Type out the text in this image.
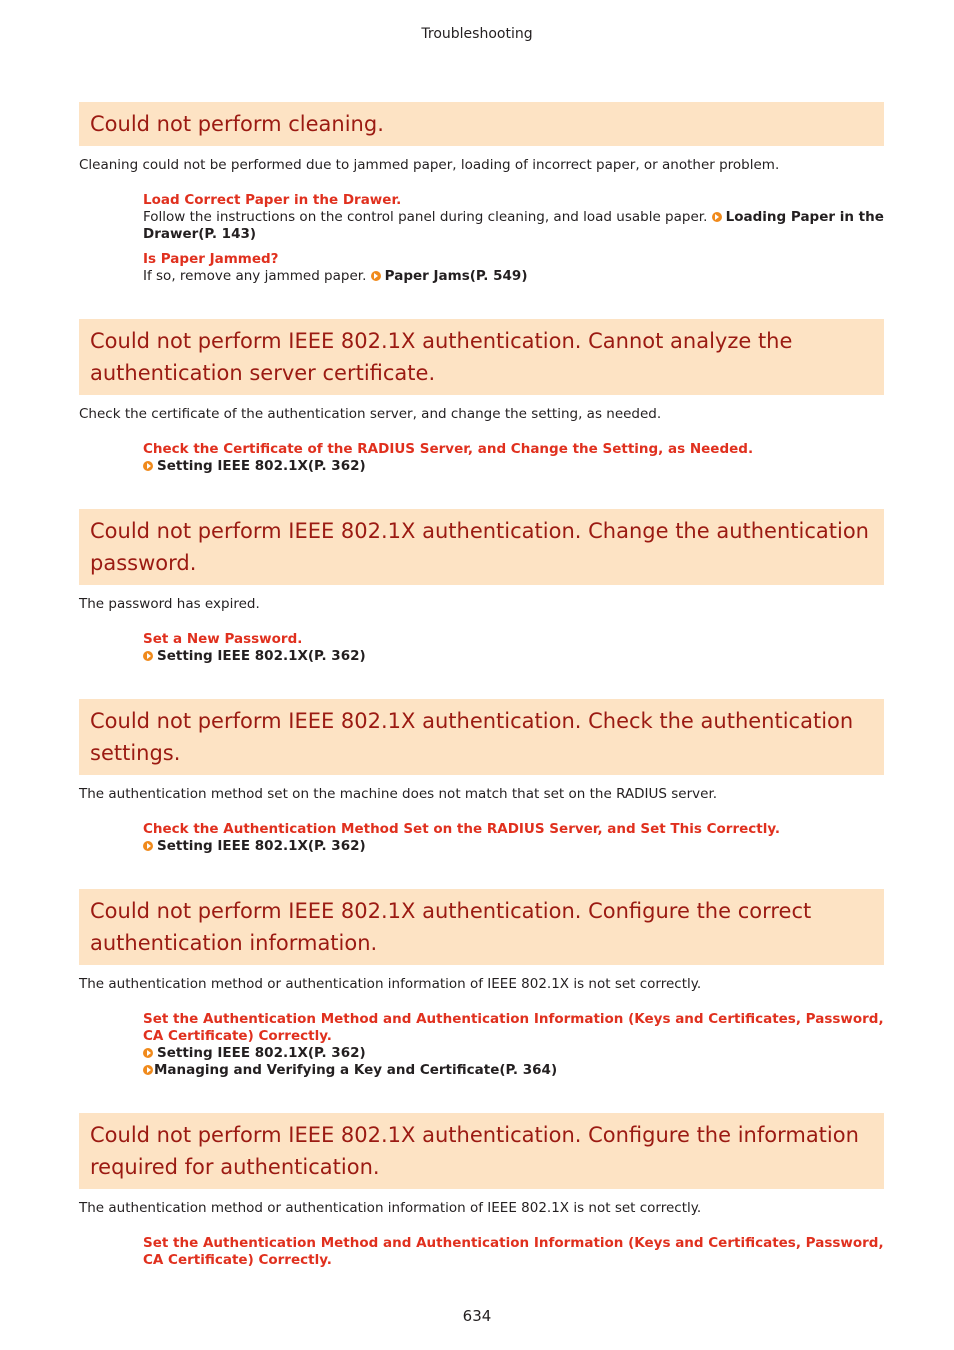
Troubleshooting
Could not perform cleaning.

Cleaning could not be performed due to jammed paper, loading of incorrect paper, or another problem.

Load Correct Paper in the Drawer.
Follow the instructions on the control panel during cleaning, and load usable paper. Loading Paper in the Drawer(P. 143)
Is Paper Jammed?
If so, remove any jammed paper. Paper Jams(P. 549)
Could not perform IEEE 802.1X authentication. Cannot analyze the authentication server certificate.

Check the certificate of the authentication server, and change the setting, as needed.

Check the Certificate of the RADIUS Server, and Change the Setting, as Needed.
Setting IEEE 802.1X(P. 362)
Could not perform IEEE 802.1X authentication. Change the authentication password.

The password has expired.

Set a New Password.
Setting IEEE 802.1X(P. 362)
Could not perform IEEE 802.1X authentication. Check the authentication settings.

The authentication method set on the machine does not match that set on the RADIUS server.

Check the Authentication Method Set on the RADIUS Server, and Set This Correctly.
Setting IEEE 802.1X(P. 362)
Could not perform IEEE 802.1X authentication. Configure the correct authentication information.

The authentication method or authentication information of IEEE 802.1X is not set correctly.

Set the Authentication Method and Authentication Information (Keys and Certificates, Password, CA Certificate) Correctly.
Setting IEEE 802.1X(P. 362)
Managing and Verifying a Key and Certificate(P. 364)
Could not perform IEEE 802.1X authentication. Configure the information required for authentication.

The authentication method or authentication information of IEEE 802.1X is not set correctly.

Set the Authentication Method and Authentication Information (Keys and Certificates, Password, CA Certificate) Correctly.
634
